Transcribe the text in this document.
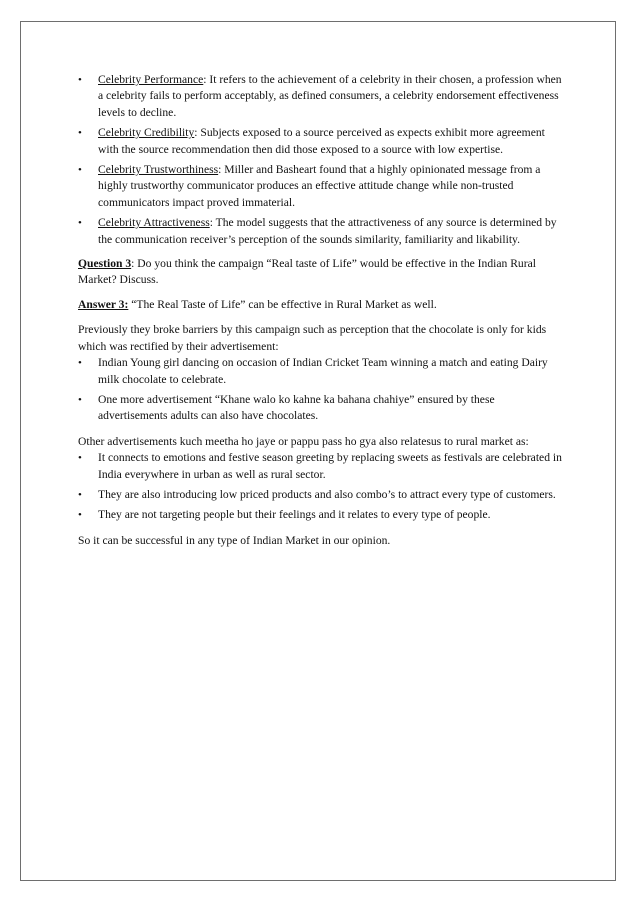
• Celebrity Performance: It refers to the achievement of a celebrity in their chosen, a profession when a celebrity fails to perform acceptably, as defined consumers, a celebrity endorsement effectiveness levels to decline.
• Celebrity Credibility: Subjects exposed to a source perceived as expects exhibit more agreement with the source recommendation then did those exposed to a source with low expertise.
• Celebrity Trustworthiness: Miller and Basheart found that a highly opinionated message from a highly trustworthy communicator produces an effective attitude change while non-trusted communicators impact proved immaterial.
• Celebrity Attractiveness: The model suggests that the attractiveness of any source is determined by the communication receiver’s perception of the sounds similarity, familiarity and likability.

Question 3: Do you think the campaign “Real taste of Life” would be effective in the Indian Rural Market? Discuss.

Answer 3: “The Real Taste of Life” can be effective in Rural Market as well.

Previously they broke barriers by this campaign such as perception that the chocolate is only for kids which was rectified by their advertisement:

• Indian Young girl dancing on occasion of Indian Cricket Team winning a match and eating Dairy milk chocolate to celebrate.
• One more advertisement “Khane walo ko kahne ka bahana chahiye” ensured by these advertisements adults can also have chocolates.

Other advertisements kuch meetha ho jaye or pappu pass ho gya also relatesus to rural market as:

• It connects to emotions and festive season greeting by replacing sweets as festivals are celebrated in India everywhere in urban as well as rural sector.
• They are also introducing low priced products and also combo’s to attract every type of customers.
• They are not targeting people but their feelings and it relates to every type of people.

So it can be successful in any type of Indian Market in our opinion.
